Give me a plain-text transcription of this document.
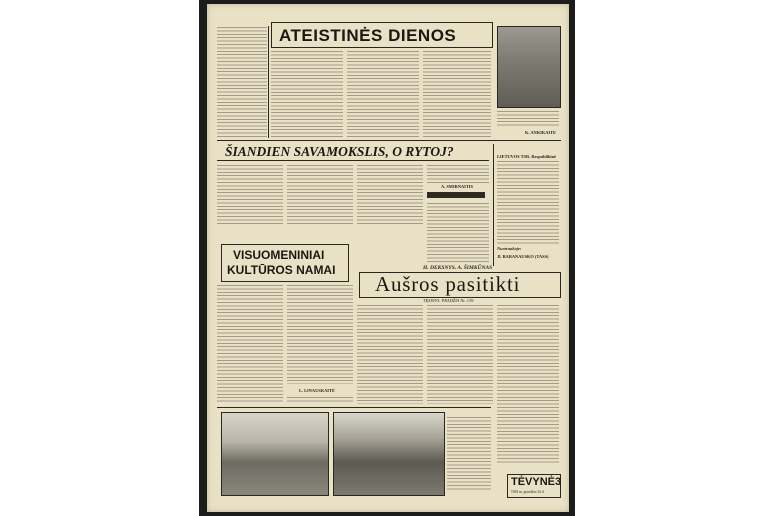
ATEISTINĖS DIENOS
K. ANKIKAITE
ŠIANDIEN SAVAMOKSLIS, O RYTOJ?
A. SMIRNAITIS
LIETUVOS TSR. Respublikinė
Nuotraukoje:
Jl. BARANAUSKO (TASS)
VISUOMENINIAI
KULTŪROS NAMAI
L. LINAUSKAITĖ
H. DEKSNYS. A. ŠIMKŪNAS
Aušros pasitikti
TĘSINYS. PRADŽIA Nr. 139.
TĖVYNĖ3
1963 m. gruodžio 24 d.
